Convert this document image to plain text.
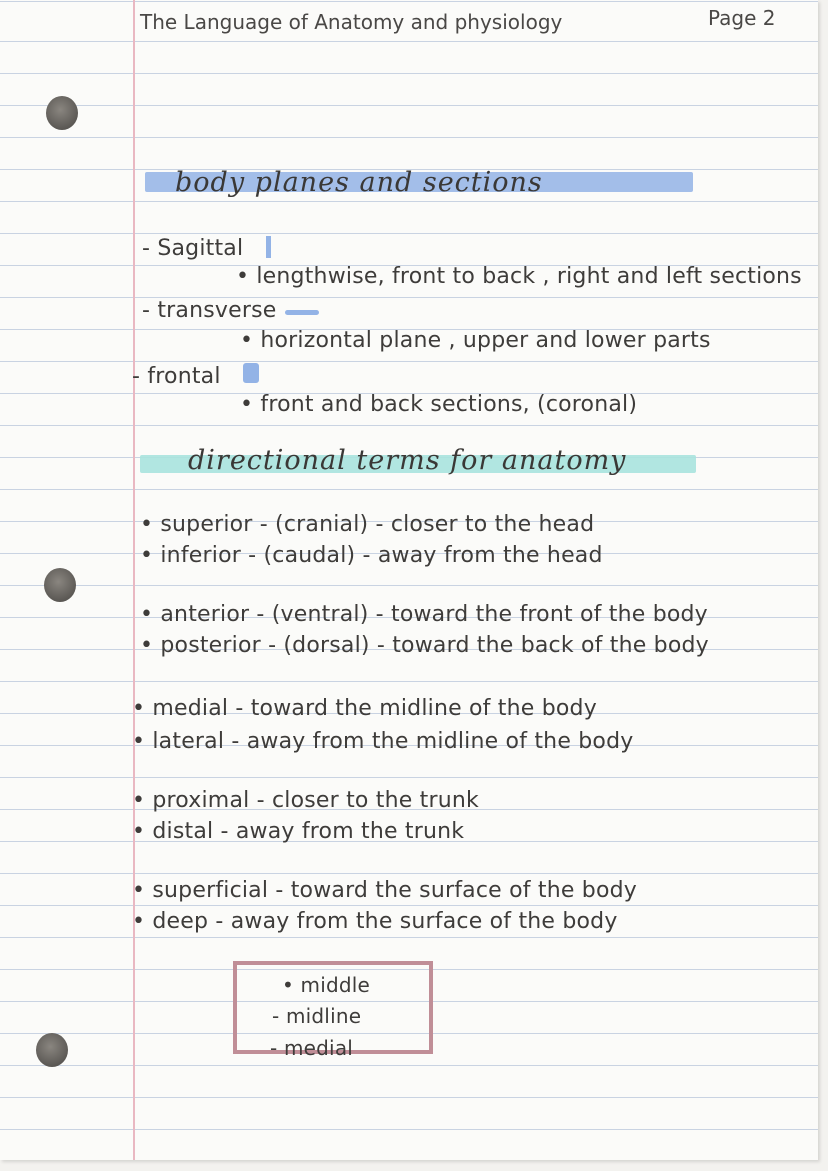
The Language of Anatomy and physiology	Page 2
body planes and sections
- Sagittal
• lengthwise, front to back , right and left sections
- transverse
• horizontal plane , upper and lower parts
- frontal
• front and back sections, (coronal)
directional terms for anatomy
• superior - (cranial) - closer to the head
• inferior - (caudal) - away from the head
• anterior - (ventral) - toward the front of the body
• posterior - (dorsal) - toward the back of the body
• medial - toward the midline of the body
• lateral - away from the midline of the body
• proximal - closer to the trunk
• distal - away from the trunk
• superficial - toward the surface of the body
• deep - away from the surface of the body
• middle
- midline
- medial
